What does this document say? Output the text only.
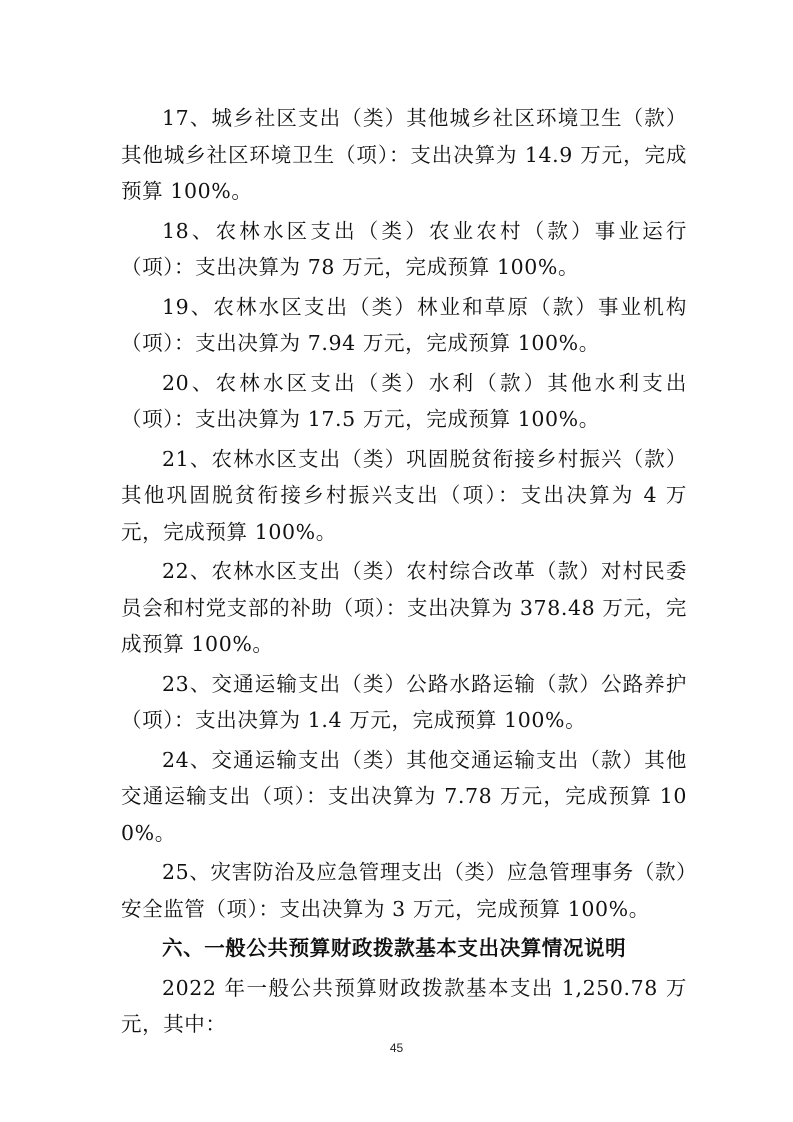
17、城乡社区支出（类）其他城乡社区环境卫生（款）其他城乡社区环境卫生（项）：支出决算为 14.9 万元，完成预算 100%。

18、农林水区支出（类）农业农村（款）事业运行（项）：支出决算为 78 万元，完成预算 100%。

19、农林水区支出（类）林业和草原（款）事业机构（项）：支出决算为 7.94 万元，完成预算 100%。

20、农林水区支出（类）水利（款）其他水利支出（项）：支出决算为 17.5 万元，完成预算 100%。

21、农林水区支出（类）巩固脱贫衔接乡村振兴（款）其他巩固脱贫衔接乡村振兴支出（项）：支出决算为 4 万元，完成预算 100%。

22、农林水区支出（类）农村综合改革（款）对村民委员会和村党支部的补助（项）：支出决算为 378.48 万元，完成预算 100%。

23、交通运输支出（类）公路水路运输（款）公路养护（项）：支出决算为 1.4 万元，完成预算 100%。

24、交通运输支出（类）其他交通运输支出（款）其他交通运输支出（项）：支出决算为 7.78 万元，完成预算 100%。

25、灾害防治及应急管理支出（类）应急管理事务（款）安全监管（项）：支出决算为 3 万元，完成预算 100%。

六、一般公共预算财政拨款基本支出决算情况说明

2022 年一般公共预算财政拨款基本支出 1,250.78 万元，其中：

45
